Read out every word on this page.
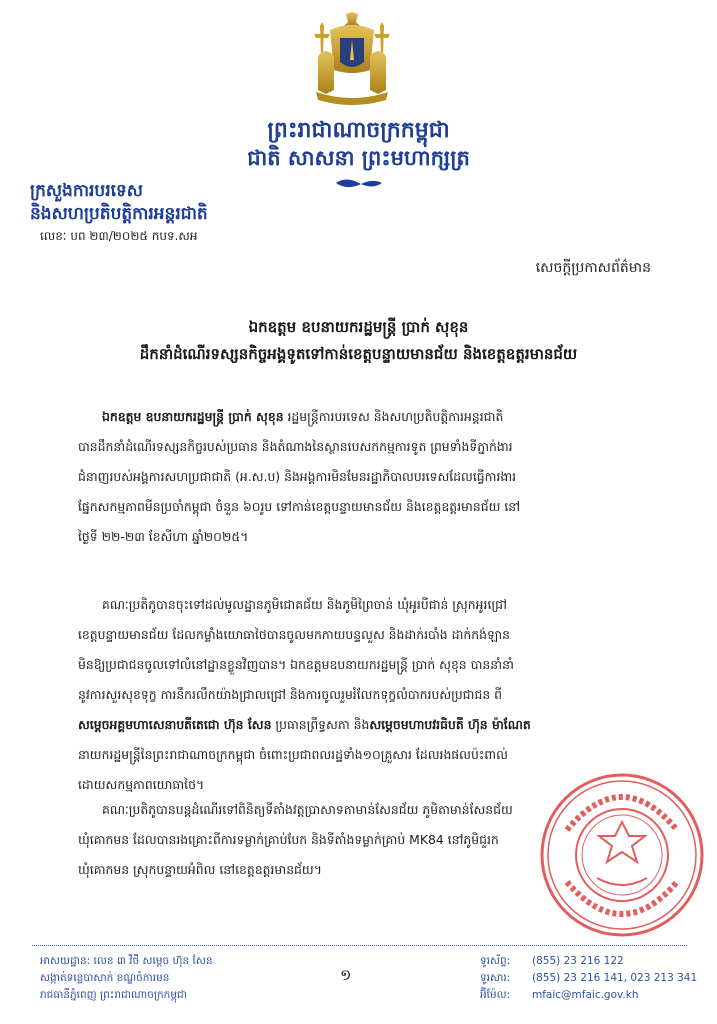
ព្រះរាជាណាចក្រកម្ពុជា
ជាតិ សាសនា ព្រះមហាក្សត្រ
ក្រសួងការបរទេស
និងសហប្រតិបត្តិការអន្តរជាតិ
លេខៈ បព ២៣/២០២៥ កបទ.សអ
សេចក្តីប្រកាសព័ត៌មាន
ឯកឧត្តម ឧបនាយករដ្ឋមន្ត្រី ប្រាក់ សុខុន
ដឹកនាំដំណើរទស្សនកិច្ចអង្គទូតទៅកាន់ខេត្តបន្ទាយមានជ័យ និងខេត្តឧត្តរមានជ័យ

ឯកឧត្តម ឧបនាយករដ្ឋមន្ត្រី ប្រាក់ សុខុន រដ្ឋមន្ត្រីការបរទេស និងសហប្រតិបត្តិការអន្តរជាតិ

បានដឹកនាំដំណើរទស្សនកិច្ចរបស់ប្រធាន និងតំណាងនៃស្ថានបេសកកម្មការទូត ព្រមទាំងទីភ្នាក់ងារ

ជំនាញរបស់អង្គការសហប្រជាជាតិ (អ.ស.ប) និងអង្គការមិនមែនរដ្ឋាភិបាលបរទេសដែលធ្វើការងារ

ផ្នែកសកម្មភាពមីនប្រចាំកម្ពុជា ចំនួន ៦០រូប ទៅកាន់ខេត្តបន្ទាយមានជ័យ និងខេត្តឧត្តរមានជ័យ នៅ

ថ្ងៃទី ២២-២៣ ខែសីហា ឆ្នាំ២០២៥។

គណៈប្រតិភូបានចុះទៅដល់មូលដ្ឋានភូមិជោគជ័យ និងភូមិព្រៃចាន់ ឃុំអូរបីជាន់ ស្រុកអូរជ្រៅ

ខេត្តបន្ទាយមានជ័យ ដែលកម្លាំងយោធាថៃបានចូលមកកាយបន្ទលួស និងដាក់របាំង ដាក់កង់ឡាន

មិនឱ្យប្រជាជនចូលទៅលំនៅដ្ឋានខ្លួនវិញបាន។ ឯកឧត្តមឧបនាយករដ្ឋមន្ត្រី ប្រាក់ សុខុន បាននាំនាំ

នូវការសួរសុខទុក្ខ ការនឹករលឹកយ៉ាងជ្រាលជ្រៅ និងការចូលរួមរំលែកទុក្ខលំបាករបស់ប្រជាជន ពី

សម្តេចអគ្គមហាសេនាបតីតេជោ ហ៊ុន សែន ប្រធានព្រឹទ្ធសភា និងសម្តេចមហាបវរធិបតី ហ៊ុន ម៉ាណែត

នាយករដ្ឋមន្ត្រីនៃព្រះរាជាណាចក្រកម្ពុជា ចំពោះប្រជាពលរដ្ឋទាំង១០គ្រួសារ ដែលរងផលប៉ះពាល់

ដោយសកម្មភាពយោធាថៃ។

គណៈប្រតិភូបានបន្តដំណើរទៅពិនិត្យទីតាំងវត្តប្រាសាទតាមាន់សែនជ័យ ភូមិតាមាន់សែនជ័យ

ឃុំគោកមន ដែលបានរងគ្រោះពីការទម្លាក់គ្រាប់បែក និងទីតាំងទម្លាក់គ្រាប់ MK84 នៅភូមិជួរក

ឃុំគោកមន ស្រុកបន្ទាយអំពិល នៅខេត្តឧត្តរមានជ័យ។

អាសយដ្ឋាន: លេខ ៣ វិថី សម្តេច ហ៊ុន សែន

សង្កាត់ទន្លេបាសាក់ ខណ្ឌចំការមន

រាជធានីភ្នំពេញ ព្រះរាជាណាចក្រកម្ពុជា

១

ទូរស័ព្ទ: (855) 23 216 122

ទូរសារ: (855) 23 216 141, 023 213 341

អ៊ីម៉ែល: mfaic@mfaic.gov.kh
